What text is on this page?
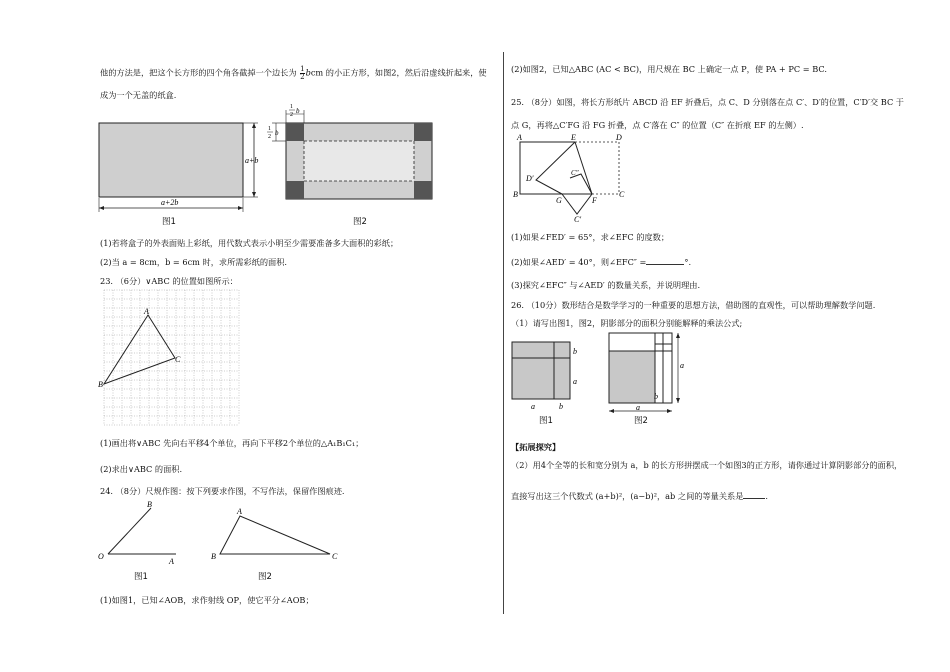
他的方法是，把这个长方形的四个角各截掉一个边长为 $\frac{1}{2}$ bcm 的小正方形，如图2，然后沿虚线折起来，使
成为一个无盖的纸盒.
a+2b
a+b
图1
1
2 b
1
2 b
图2
(1)若将盒子的外表面贴上彩纸，用代数式表示小明至少需要准备多大面积的彩纸；
(2)当 a = 8cm，b = 6cm 时，求所需彩纸的面积.
23. （6分）∨ABC 的位置如图所示：
A
B
C
(1)画出将∨ABC 先向右平移4个单位，再向下平移2个单位的△A₁B₁C₁；
(2)求出∨ABC 的面积.
24. （8分）尺规作图：按下列要求作图，不写作法，保留作图痕迹.
B
O
A
图1
A
B	C
图2
(1)如图1，已知∠AOB，求作射线 OP，使它平分∠AOB；
(2)如图2，已知△ABC (AC < BC)，用尺规在 BC 上确定一点 P，使 PA + PC = BC.
25. （8分）如图，将长方形纸片 ABCD 沿 EF 折叠后，点 C、D 分别落在点 C′、D′的位置，C′D′交 BC 于
点 G，再将△C′FG 沿 FG 折叠，点 C′落在 C″ 的位置（C″ 在折痕 EF 的左侧）.
A	E	D
D′
C″
B
G	F
C
C′
(1)如果∠FED′ = 65°，求∠EFC 的度数；
(2)如果∠AED′ = 40°，则∠EFC″ =	°.
(3)探究∠EFC″ 与∠AED′ 的数量关系，并说明理由.
26. （10分）数形结合是数学学习的一种重要的思想方法，借助图的直观性，可以帮助理解数学问题.
（1）请写出图1，图2，阴影部分的面积分别能解释的乘法公式;
b
a
a	b
图1
a
a
b
图2
【拓展探究】
（2）用4个全等的长和宽分别为 a，b 的长方形拼摆成一个如图3的正方形，请你通过计算阴影部分的面积，
直接写出这三个代数式 (a+b)²，(a−b)²，ab 之间的等量关系是	.
